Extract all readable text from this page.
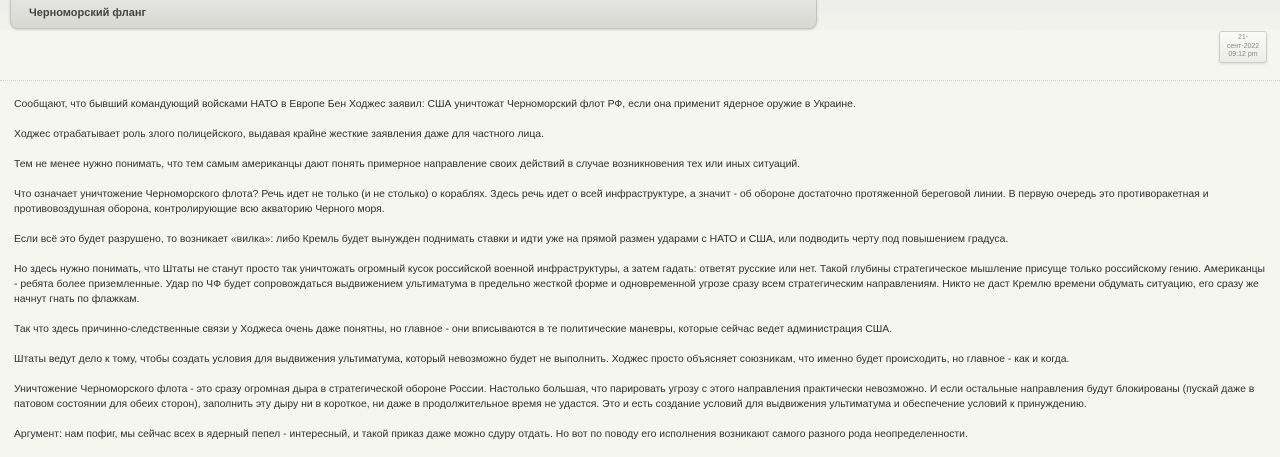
Черноморский фланг
21-
сент-2022
09:12 pm

Сообщают, что бывший командующий войсками НАТО в Европе Бен Ходжес заявил: США уничтожат Черноморский флот РФ, если она применит ядерное оружие в Украине.

Ходжес отрабатывает роль злого полицейского, выдавая крайне жесткие заявления даже для частного лица.

Тем не менее нужно понимать, что тем самым американцы дают понять примерное направление своих действий в случае возникновения тех или иных ситуаций.

Что означает уничтожение Черноморского флота? Речь идет не только (и не столько) о кораблях. Здесь речь идет о всей инфраструктуре, а значит - об обороне достаточно протяженной береговой линии. В первую очередь это противоракетная и противовоздушная оборона, контролирующие всю акваторию Черного моря.

Если всё это будет разрушено, то возникает «вилка»: либо Кремль будет вынужден поднимать ставки и идти уже на прямой размен ударами с НАТО и США, или подводить черту под повышением градуса.

Но здесь нужно понимать, что Штаты не станут просто так уничтожать огромный кусок российской военной инфраструктуры, а затем гадать: ответят русские или нет. Такой глубины стратегическое мышление присуще только российскому гению. Американцы - ребята более приземленные. Удар по ЧФ будет сопровождаться выдвижением ультиматума в предельно жесткой форме и одновременной угрозе сразу всем стратегическим направлениям. Никто не даст Кремлю времени обдумать ситуацию, его сразу же начнут гнать по флажкам.

Так что здесь причинно-следственные связи у Ходжеса очень даже понятны, но главное - они вписываются в те политические маневры, которые сейчас ведет администрация США.

Штаты ведут дело к тому, чтобы создать условия для выдвижения ультиматума, который невозможно будет не выполнить. Ходжес просто объясняет союзникам, что именно будет происходить, но главное - как и когда.

Уничтожение Черноморского флота - это сразу огромная дыра в стратегической обороне России. Настолько большая, что парировать угрозу с этого направления практически невозможно. И если остальные направления будут блокированы (пускай даже в патовом состоянии для обеих сторон), заполнить эту дыру ни в короткое, ни даже в продолжительное время не удастся. Это и есть создание условий для выдвижения ультиматума и обеспечение условий к принуждению.

Аргумент: нам пофиг, мы сейчас всех в ядерный пепел - интересный, и такой приказ даже можно сдуру отдать. Но вот по поводу его исполнения возникают самого разного рода неопределенности.
